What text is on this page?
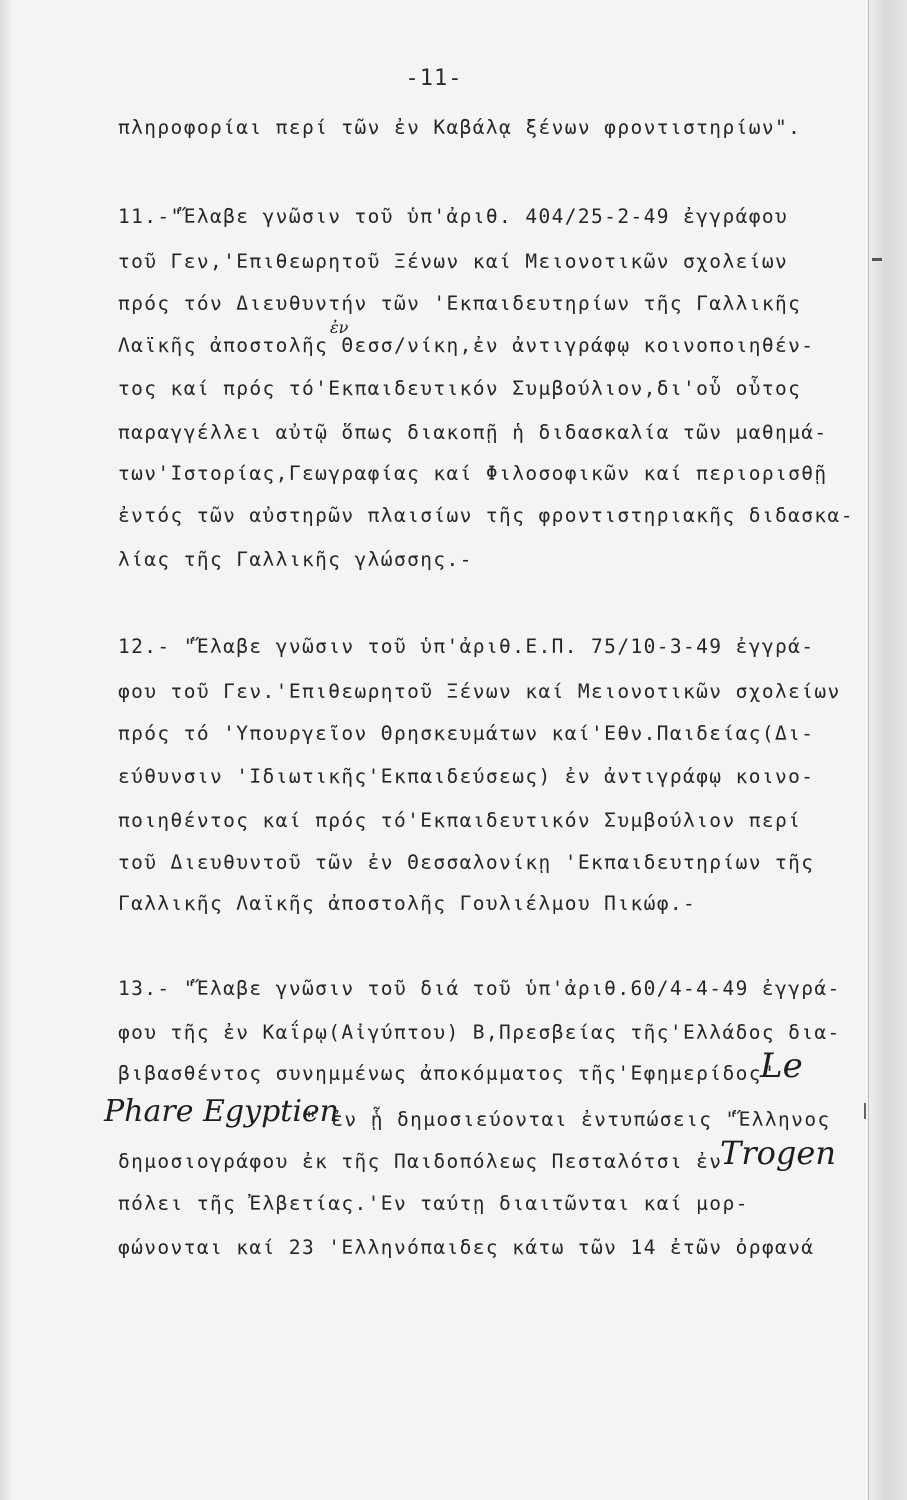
-11-
πληροφορίαι περί τῶν ἐν Καβάλᾳ ξένων φροντιστηρίων".
11.-"Ἔλαβε γνῶσιν τοῦ ὑπ'ἀριθ. 404/25-2-49 ἐγγράφου
τοῦ Γεν,'Επιθεωρητοῦ Ξένων καί Μειονοτικῶν σχολείων
πρός τόν Διευθυντήν τῶν 'Εκπαιδευτηρίων τῆς Γαλλικῆς
ἐν
Λαϊκῆς ἀποστολῆς Θεσσ/νίκη,ἐν ἀντιγράφῳ κοινοποιηθέν-
τος καί πρός τό'Εκπαιδευτικόν Συμβούλιον,δι'οὗ οὗτος
παραγγέλλει αὐτῷ ὅπως διακοπῇ ἡ διδασκαλία τῶν μαθημά-
των'Ιστορίας,Γεωγραφίας καί Φιλοσοφικῶν καί περιορισθῇ
ἐντός τῶν αὐστηρῶν πλαισίων τῆς φροντιστηριακῆς διδασκα-
λίας τῆς Γαλλικῆς γλώσσης.-
12.- "Ἔλαβε γνῶσιν τοῦ ὑπ'ἀριθ.Ε.Π. 75/10-3-49 ἐγγρά-
φου τοῦ Γεν.'Επιθεωρητοῦ Ξένων καί Μειονοτικῶν σχολείων
πρός τό 'Υπουργεῖον Θρησκευμάτων καί'Εθν.Παιδείας(Δι-
εύθυνσιν 'Ιδιωτικῆς'Εκπαιδεύσεως) ἐν ἀντιγράφῳ κοινο-
ποιηθέντος καί πρός τό'Εκπαιδευτικόν Συμβούλιον περί
τοῦ Διευθυντοῦ τῶν ἐν Θεσσαλονίκῃ 'Εκπαιδευτηρίων τῆς
Γαλλικῆς Λαϊκῆς ἀποστολῆς Γουλιέλμου Πικώφ.-
13.- "Ἔλαβε γνῶσιν τοῦ διά τοῦ ὑπ'ἀριθ.60/4-4-49 ἐγγρά-
φου τῆς ἐν Καΐρῳ(Αἰγύπτου) Β,Πρεσβείας τῆς'Ελλάδος δια-
βιβασθέντος συνημμένως ἀποκόμματος τῆς'Εφημερίδος"
Le
Phare Egyptien
" ἐν ᾗ δημοσιεύονται ἐντυπώσεις "Ἕλληνος
δημοσιογράφου ἐκ τῆς Παιδοπόλεως Πεσταλότσι ἐν
Trogen
πόλει τῆς Ἐλβετίας.'Εν ταύτῃ διαιτῶνται καί μορ-
φώνονται καί 23 'Ελληνόπαιδες κάτω τῶν 14 ἐτῶν ὀρφανά
